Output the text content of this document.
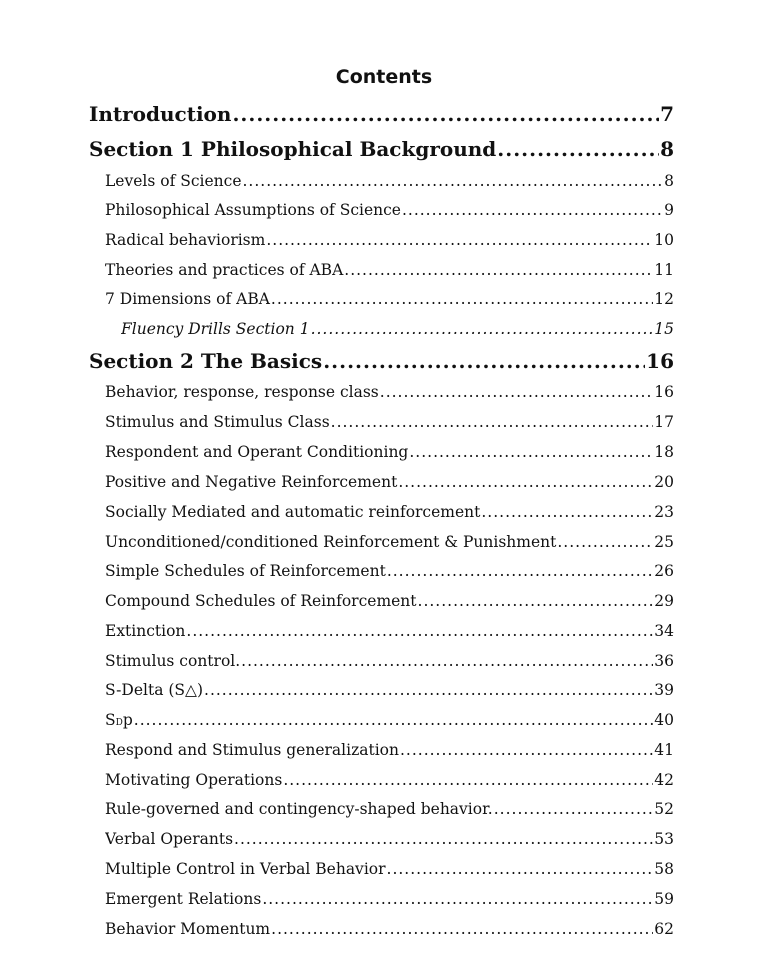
Contents
Introduction .....	7
Section 1 Philosophical Background .....	8
Levels of Science .....	8
Philosophical Assumptions of Science .....	9
Radical behaviorism .....	10
Theories and practices of ABA .....	11
7 Dimensions of ABA .....	12
Fluency Drills Section 1 .....	15
Section 2 The Basics .....	16
Behavior, response, response class .....	16
Stimulus and Stimulus Class .....	17
Respondent and Operant Conditioning .....	18
Positive and Negative Reinforcement .....	20
Socially Mediated and automatic reinforcement .....	23
Unconditioned/conditioned Reinforcement & Punishment .....	25
Simple Schedules of Reinforcement .....	26
Compound Schedules of Reinforcement .....	29
Extinction .....	34
Stimulus control. .....	36
S-Delta (S△) .....	39
S D p .....	40
Respond and Stimulus generalization .....	41
Motivating Operations .....	42
Rule-governed and contingency-shaped behavior. .....	52
Verbal Operants .....	53
Multiple Control in Verbal Behavior .....	58
Emergent Relations .....	59
Behavior Momentum .....	62
